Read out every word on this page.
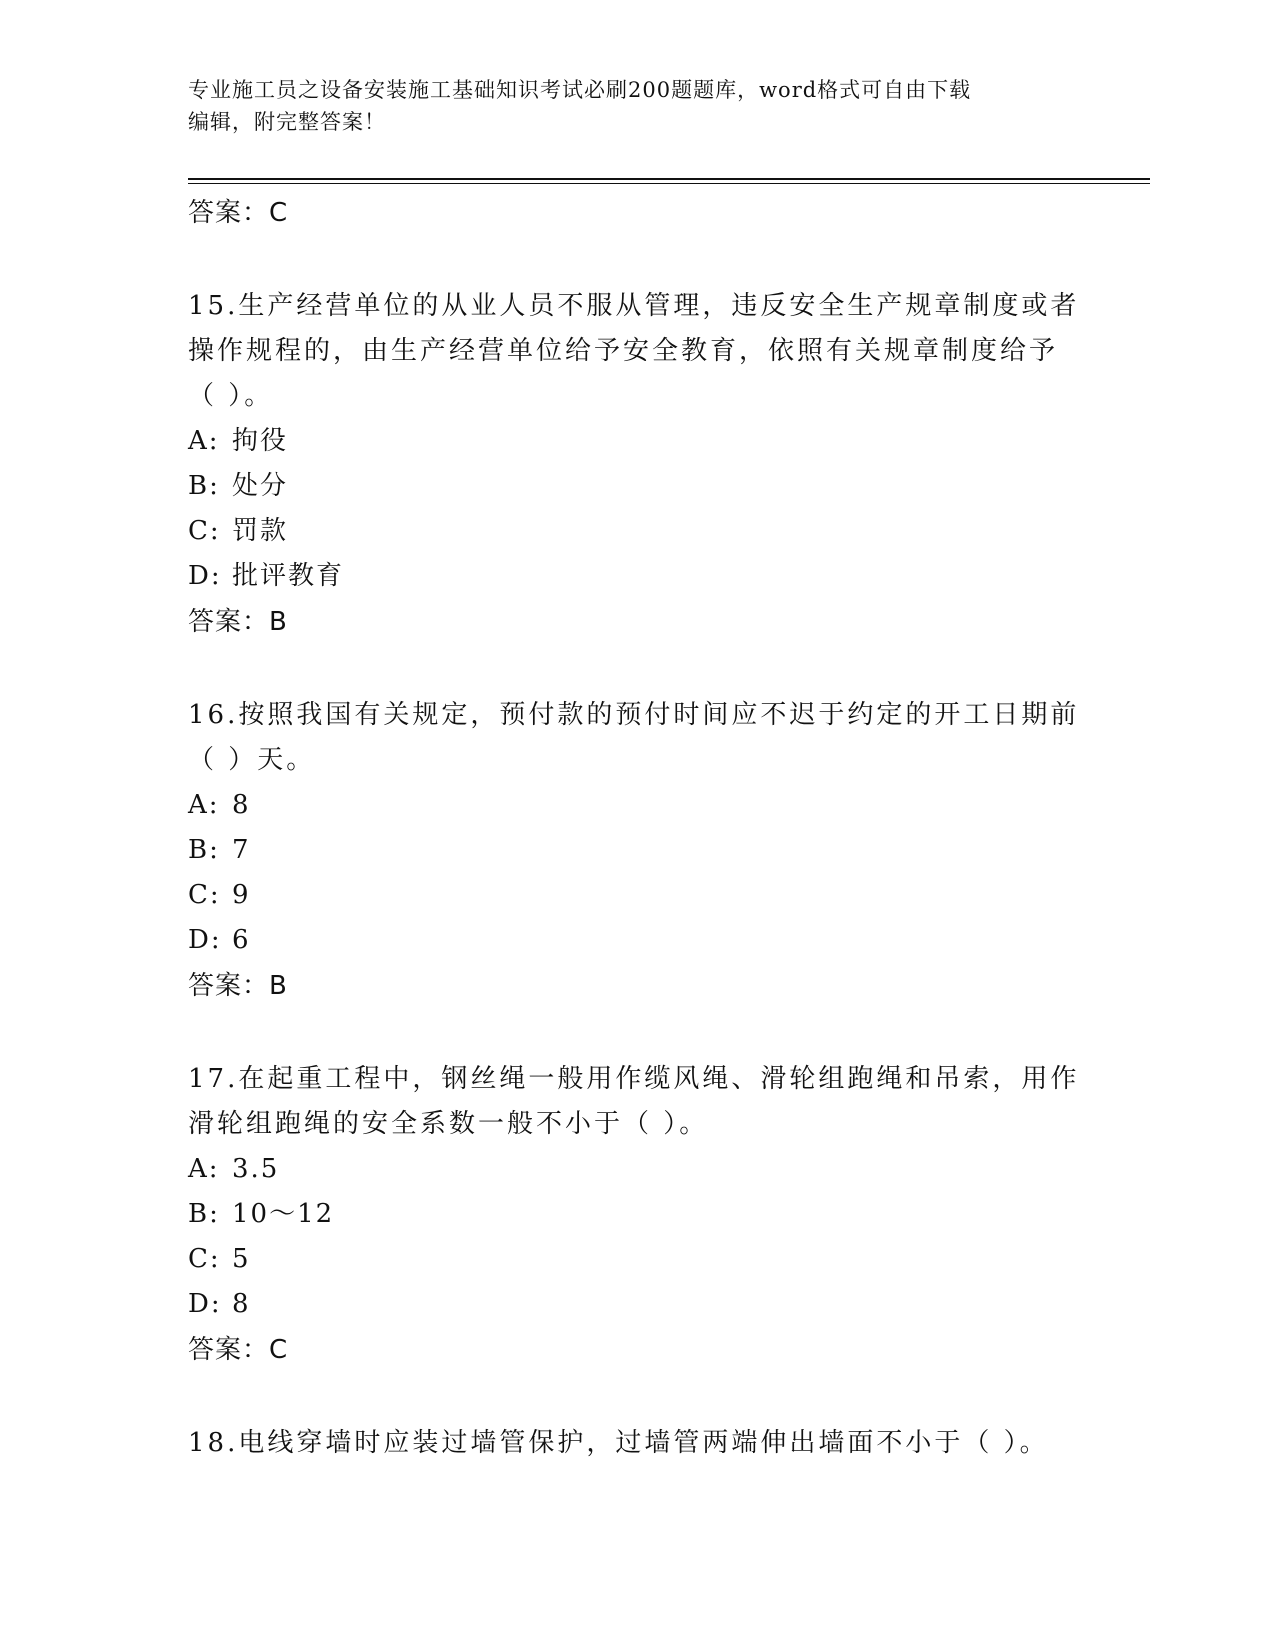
专业施工员之设备安装施工基础知识考试必刷200题题库，word格式可自由下载
编辑，附完整答案！

答案：C

15.生产经营单位的从业人员不服从管理，违反安全生产规章制度或者

操作规程的，由生产经营单位给予安全教育，依照有关规章制度给予

（ ）。

A: 拘役

B: 处分

C: 罚款

D: 批评教育

答案：B

16.按照我国有关规定，预付款的预付时间应不迟于约定的开工日期前

（ ）天。

A: 8

B: 7

C: 9

D: 6

答案：B

17.在起重工程中，钢丝绳一般用作缆风绳、滑轮组跑绳和吊索，用作

滑轮组跑绳的安全系数一般不小于（ ）。

A: 3.5

B: 10～12

C: 5

D: 8

答案：C

18.电线穿墙时应装过墙管保护，过墙管两端伸出墙面不小于（ ）。
